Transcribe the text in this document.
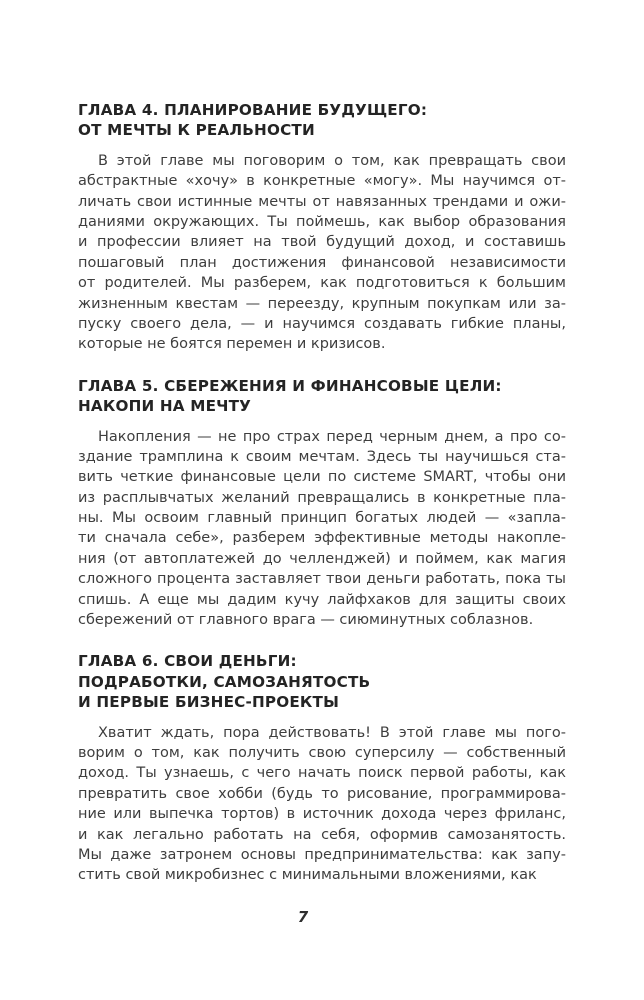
ГЛАВА 4. ПЛАНИРОВАНИЕ БУДУЩЕГО:
ОТ МЕЧТЫ К РЕАЛЬНОСТИ
В этой главе мы поговорим о том, как превращать свои
абстрактные «хочу» в конкретные «могу». Мы научимся от-
личать свои истинные мечты от навязанных трендами и ожи-
даниями окружающих. Ты поймешь, как выбор образования
и профессии влияет на твой будущий доход, и составишь
пошаговый план достижения финансовой независимости
от родителей. Мы разберем, как подготовиться к большим
жизненным квестам — переезду, крупным покупкам или за-
пуску своего дела, — и научимся создавать гибкие планы,
которые не боятся перемен и кризисов.
ГЛАВА 5. СБЕРЕЖЕНИЯ И ФИНАНСОВЫЕ ЦЕЛИ:
НАКОПИ НА МЕЧТУ
Накопления — не про страх перед черным днем, а про со-
здание трамплина к своим мечтам. Здесь ты научишься ста-
вить четкие финансовые цели по системе SMART, чтобы они
из расплывчатых желаний превращались в конкретные пла-
ны. Мы освоим главный принцип богатых людей — «запла-
ти сначала себе», разберем эффективные методы накопле-
ния (от автоплатежей до челленджей) и поймем, как магия
сложного процента заставляет твои деньги работать, пока ты
спишь. А еще мы дадим кучу лайфхаков для защиты своих
сбережений от главного врага — сиюминутных соблазнов.
ГЛАВА 6. СВОИ ДЕНЬГИ:
ПОДРАБОТКИ, САМОЗАНЯТОСТЬ
И ПЕРВЫЕ БИЗНЕС-ПРОЕКТЫ
Хватит ждать, пора действовать! В этой главе мы пого-
ворим о том, как получить свою суперсилу — собственный
доход. Ты узнаешь, с чего начать поиск первой работы, как
превратить свое хобби (будь то рисование, программирова-
ние или выпечка тортов) в источник дохода через фриланс,
и как легально работать на себя, оформив самозанятость.
Мы даже затронем основы предпринимательства: как запу-
стить свой микробизнес с минимальными вложениями, как
7
